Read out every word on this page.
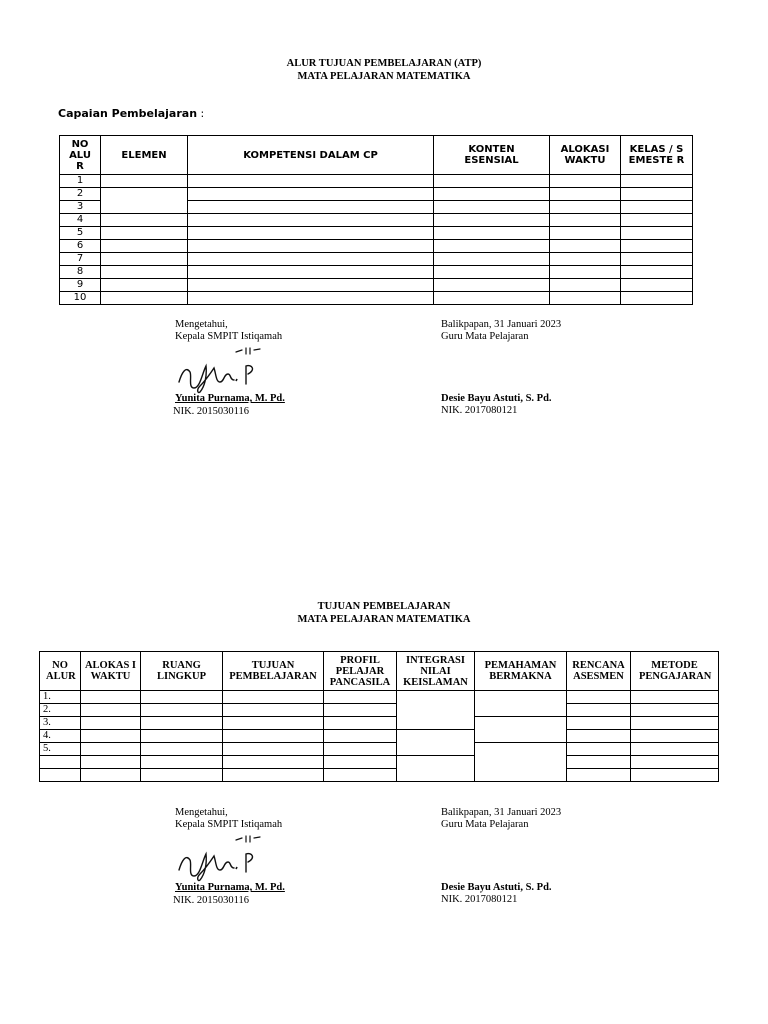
ALUR TUJUAN PEMBELAJARAN (ATP)
MATA PELAJARAN MATEMATIKA
Capaian Pembelajaran :
NO ALU R	ELEMEN	KOMPETENSI DALAM CP	KONTEN ESENSIAL	ALOKASI WAKTU	KELAS / SEMESTE R
1					
2					
3					
4					
5					
6					
7					
8					
9					
10					
Mengetahui,
Kepala SMPIT Istiqamah
Yunita Purnama, M. Pd.
NIK. 2015030116
Balikpapan, 31 Januari 2023
Guru Mata Pelajaran
Desie Bayu Astuti, S. Pd.
NIK. 2017080121
TUJUAN PEMBELAJARAN
MATA PELAJARAN MATEMATIKA
NO ALUR	ALOKAS I WAKTU	RUANG LINGKUP	TUJUAN PEMBELAJARAN	PROFIL PELAJAR PANCASILA	INTEGRASI NILAI KEISLAMAN	PEMAHAMAN BERMAKNA	RENCANA ASESMEN	METODE PENGAJARAN
1.								
2.								
3.								
4.								
5.								

Mengetahui,
Kepala SMPIT Istiqamah
Yunita Purnama, M. Pd.
NIK. 2015030116
Balikpapan, 31 Januari 2023
Guru Mata Pelajaran
Desie Bayu Astuti, S. Pd.
NIK. 2017080121
